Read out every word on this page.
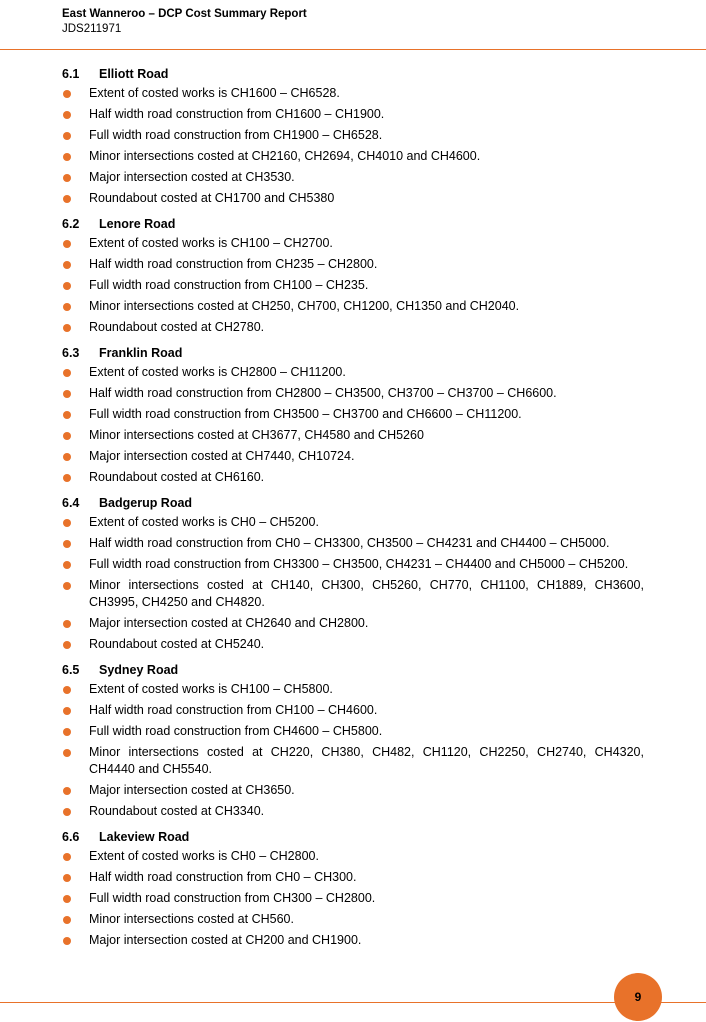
East Wanneroo – DCP Cost Summary Report
JDS211971
6.1	Elliott Road
Extent of costed works is CH1600 – CH6528.
Half width road construction from CH1600 – CH1900.
Full width road construction from CH1900 – CH6528.
Minor intersections costed at CH2160, CH2694, CH4010 and CH4600.
Major intersection costed at CH3530.
Roundabout costed at CH1700 and CH5380
6.2	Lenore Road
Extent of costed works is CH100 – CH2700.
Half width road construction from CH235 – CH2800.
Full width road construction from CH100 – CH235.
Minor intersections costed at CH250, CH700, CH1200, CH1350 and CH2040.
Roundabout costed at CH2780.
6.3	Franklin Road
Extent of costed works is CH2800 – CH11200.
Half width road construction from CH2800 – CH3500, CH3700 – CH3700 – CH6600.
Full width road construction from CH3500 – CH3700 and CH6600 – CH11200.
Minor intersections costed at CH3677, CH4580 and CH5260
Major intersection costed at CH7440, CH10724.
Roundabout costed at CH6160.
6.4	Badgerup Road
Extent of costed works is CH0 – CH5200.
Half width road construction from CH0 – CH3300, CH3500 – CH4231 and CH4400 – CH5000.
Full width road construction from CH3300 – CH3500, CH4231 – CH4400 and CH5000 – CH5200.
Minor intersections costed at CH140, CH300, CH5260, CH770, CH1100, CH1889, CH3600, CH3995, CH4250 and CH4820.
Major intersection costed at CH2640 and CH2800.
Roundabout costed at CH5240.
6.5	Sydney Road
Extent of costed works is CH100 – CH5800.
Half width road construction from CH100 – CH4600.
Full width road construction from CH4600 – CH5800.
Minor intersections costed at CH220, CH380, CH482, CH1120, CH2250, CH2740, CH4320, CH4440 and CH5540.
Major intersection costed at CH3650.
Roundabout costed at CH3340.
6.6	Lakeview Road
Extent of costed works is CH0 – CH2800.
Half width road construction from CH0 – CH300.
Full width road construction from CH300 – CH2800.
Minor intersections costed at CH560.
Major intersection costed at CH200 and CH1900.
9
